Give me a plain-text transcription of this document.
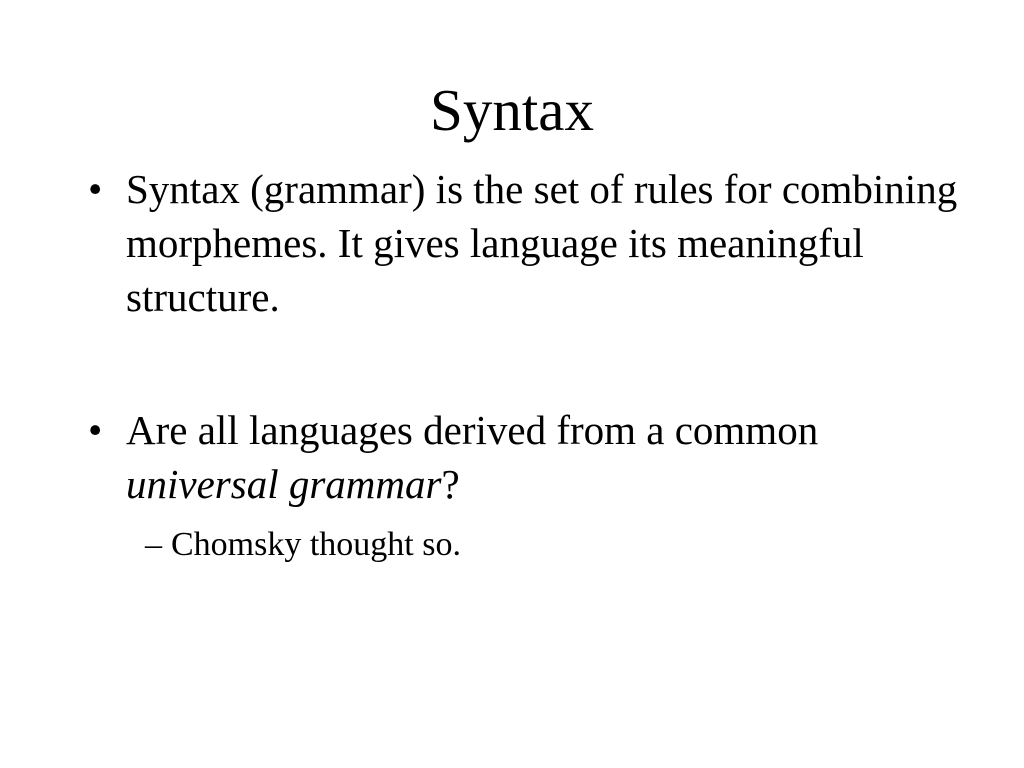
Syntax
• Syntax (grammar) is the set of rules for combining morphemes. It gives language its meaningful structure.
• Are all languages derived from a common universal grammar?
– Chomsky thought so.
